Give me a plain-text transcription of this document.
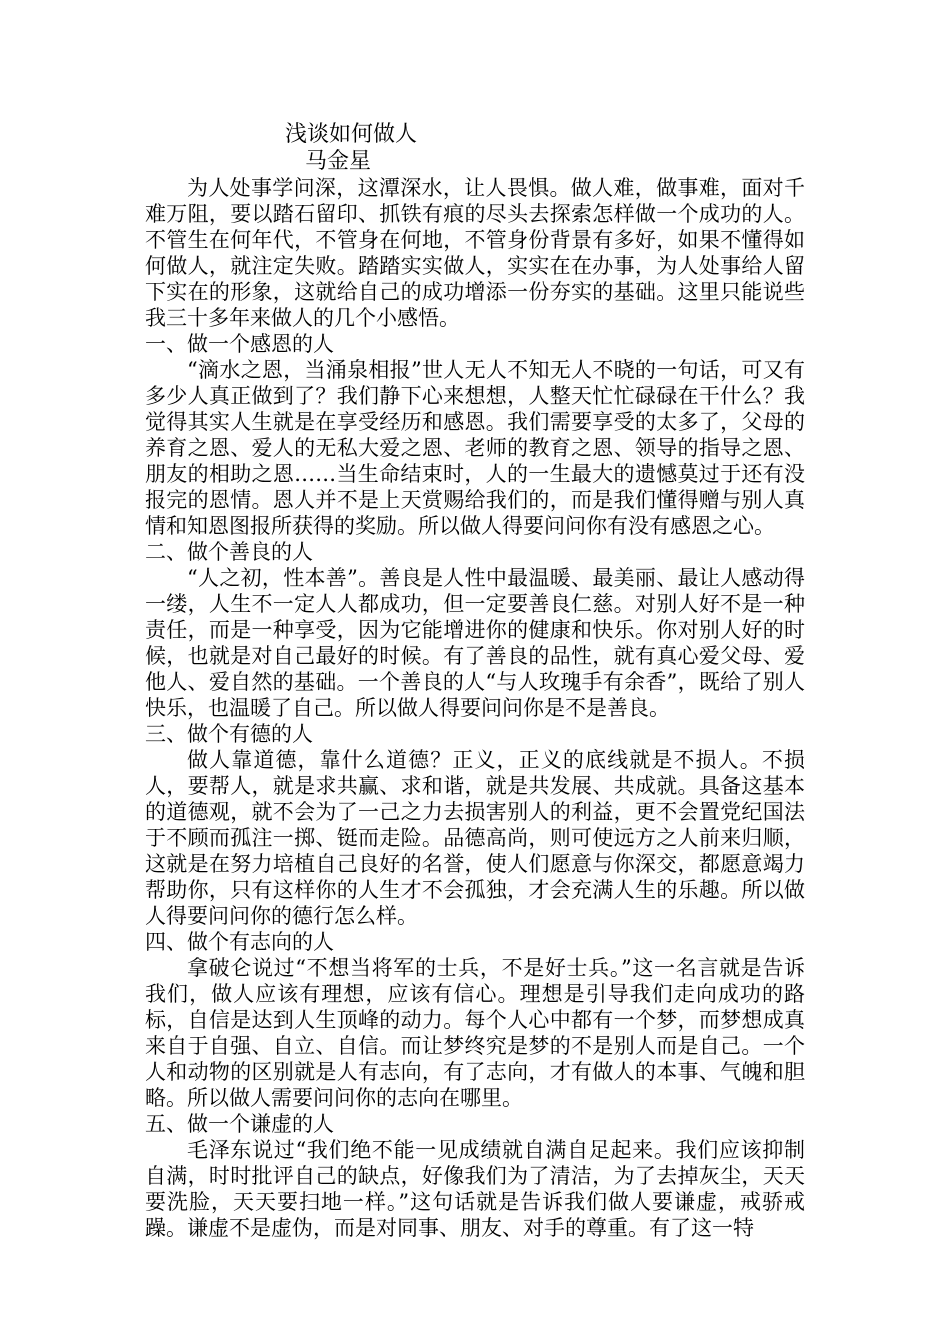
浅谈如何做人
马金星

为人处事学问深，这潭深水，让人畏惧。做人难，做事难，面对千难万阻，要以踏石留印、抓铁有痕的尽头去探索怎样做一个成功的人。不管生在何年代，不管身在何地，不管身份背景有多好，如果不懂得如何做人，就注定失败。踏踏实实做人，实实在在办事，为人处事给人留下实在的形象，这就给自己的成功增添一份夯实的基础。这里只能说些我三十多年来做人的几个小感悟。

一、做一个感恩的人

“滴水之恩，当涌泉相报”世人无人不知无人不晓的一句话，可又有多少人真正做到了？我们静下心来想想，人整天忙忙碌碌在干什么？我觉得其实人生就是在享受经历和感恩。我们需要享受的太多了，父母的养育之恩、爱人的无私大爱之恩、老师的教育之恩、领导的指导之恩、朋友的相助之恩……当生命结束时，人的一生最大的遗憾莫过于还有没报完的恩情。恩人并不是上天赏赐给我们的，而是我们懂得赠与别人真情和知恩图报所获得的奖励。所以做人得要问问你有没有感恩之心。

二、做个善良的人

“人之初，性本善”。善良是人性中最温暖、最美丽、最让人感动得一缕，人生不一定人人都成功，但一定要善良仁慈。对别人好不是一种责任，而是一种享受，因为它能增进你的健康和快乐。你对别人好的时候，也就是对自己最好的时候。有了善良的品性，就有真心爱父母、爱他人、爱自然的基础。一个善良的人“与人玫瑰手有余香”，既给了别人快乐，也温暖了自己。所以做人得要问问你是不是善良。

三、做个有德的人

做人靠道德，靠什么道德？正义，正义的底线就是不损人。不损人，要帮人，就是求共赢、求和谐，就是共发展、共成就。具备这基本的道德观，就不会为了一己之力去损害别人的利益，更不会置党纪国法于不顾而孤注一掷、铤而走险。品德高尚，则可使远方之人前来归顺，这就是在努力培植自己良好的名誉，使人们愿意与你深交，都愿意竭力帮助你，只有这样你的人生才不会孤独，才会充满人生的乐趣。所以做人得要问问你的德行怎么样。

四、做个有志向的人

拿破仑说过“不想当将军的士兵，不是好士兵。”这一名言就是告诉我们，做人应该有理想，应该有信心。理想是引导我们走向成功的路标，自信是达到人生顶峰的动力。每个人心中都有一个梦，而梦想成真来自于自强、自立、自信。而让梦终究是梦的不是别人而是自己。一个人和动物的区别就是人有志向，有了志向，才有做人的本事、气魄和胆略。所以做人需要问问你的志向在哪里。

五、做一个谦虚的人

毛泽东说过“我们绝不能一见成绩就自满自足起来。我们应该抑制自满，时时批评自己的缺点，好像我们为了清洁，为了去掉灰尘，天天要洗脸，天天要扫地一样。”这句话就是告诉我们做人要谦虚，戒骄戒躁。谦虚不是虚伪，而是对同事、朋友、对手的尊重。有了这一特
